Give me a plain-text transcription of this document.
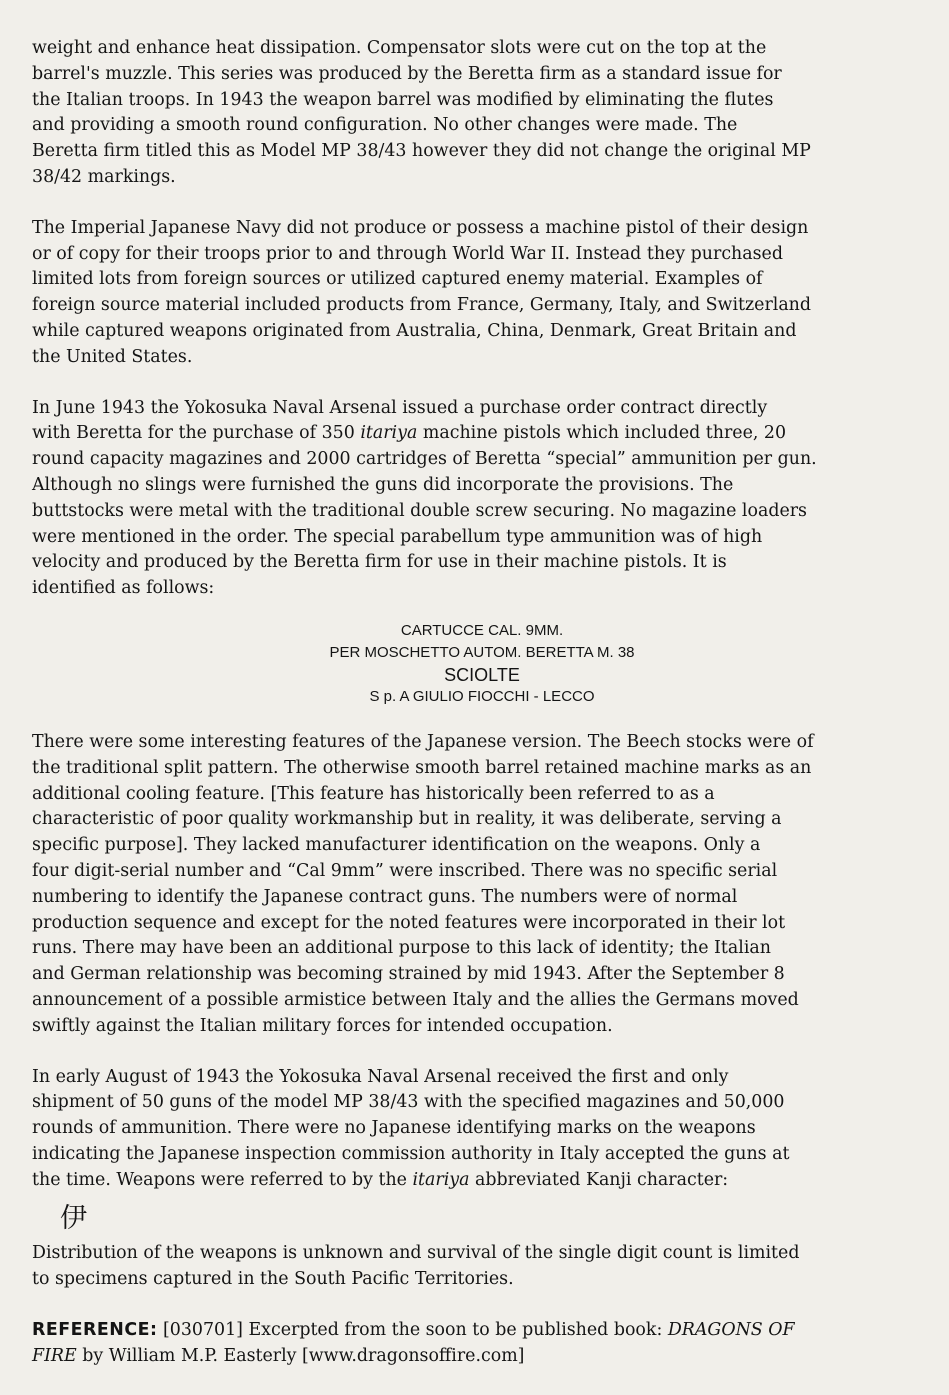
weight and enhance heat dissipation. Compensator slots were cut on the top at the
barrel's muzzle. This series was produced by the Beretta firm as a standard issue for
the Italian troops. In 1943 the weapon barrel was modified by eliminating the flutes
and providing a smooth round configuration. No other changes were made. The
Beretta firm titled this as Model MP 38/43 however they did not change the original MP
38/42 markings.
The Imperial Japanese Navy did not produce or possess a machine pistol of their design
or of copy for their troops prior to and through World War II. Instead they purchased
limited lots from foreign sources or utilized captured enemy material. Examples of
foreign source material included products from France, Germany, Italy, and Switzerland
while captured weapons originated from Australia, China, Denmark, Great Britain and
the United States.
In June 1943 the Yokosuka Naval Arsenal issued a purchase order contract directly
with Beretta for the purchase of 350 itariya machine pistols which included three, 20
round capacity magazines and 2000 cartridges of Beretta “special” ammunition per gun.
Although no slings were furnished the guns did incorporate the provisions. The
buttstocks were metal with the traditional double screw securing. No magazine loaders
were mentioned in the order. The special parabellum type ammunition was of high
velocity and produced by the Beretta firm for use in their machine pistols. It is
identified as follows:
CARTUCCE CAL. 9MM.
PER MOSCHETTO AUTOM. BERETTA M. 38
SCIOLTE
S p. A GIULIO FIOCCHI - LECCO
There were some interesting features of the Japanese version. The Beech stocks were of
the traditional split pattern. The otherwise smooth barrel retained machine marks as an
additional cooling feature. [This feature has historically been referred to as a
characteristic of poor quality workmanship but in reality, it was deliberate, serving a
specific purpose]. They lacked manufacturer identification on the weapons. Only a
four digit-serial number and “Cal 9mm” were inscribed. There was no specific serial
numbering to identify the Japanese contract guns. The numbers were of normal
production sequence and except for the noted features were incorporated in their lot
runs. There may have been an additional purpose to this lack of identity; the Italian
and German relationship was becoming strained by mid 1943. After the September 8
announcement of a possible armistice between Italy and the allies the Germans moved
swiftly against the Italian military forces for intended occupation.
In early August of 1943 the Yokosuka Naval Arsenal received the first and only
shipment of 50 guns of the model MP 38/43 with the specified magazines and 50,000
rounds of ammunition. There were no Japanese identifying marks on the weapons
indicating the Japanese inspection commission authority in Italy accepted the guns at
the time. Weapons were referred to by the itariya abbreviated Kanji character:
伊
Distribution of the weapons is unknown and survival of the single digit count is limited
to specimens captured in the South Pacific Territories.
REFERENCE: [030701] Excerpted from the soon to be published book: DRAGONS OF
FIRE by William M.P. Easterly [www.dragonsoffire.com]
